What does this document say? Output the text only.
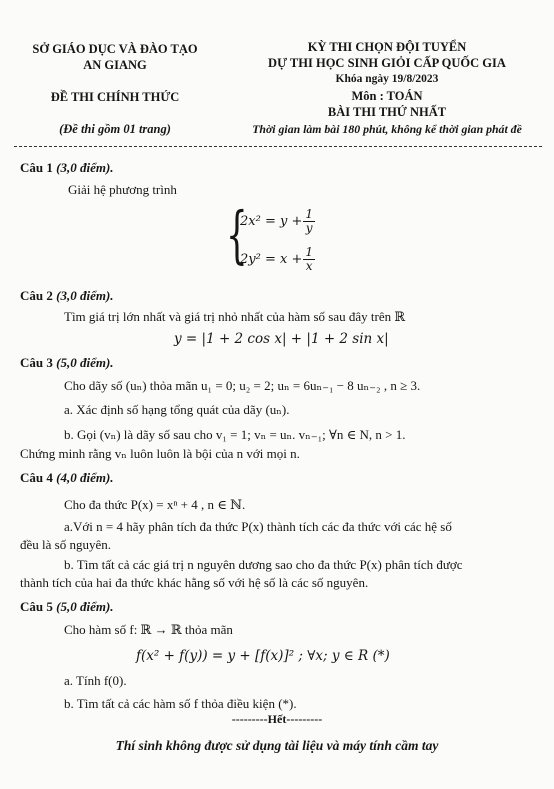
SỞ GIÁO DỤC VÀ ĐÀO TẠO
AN GIANG
ĐỀ THI CHÍNH THỨC
(Đề thi gồm 01 trang)
KỲ THI CHỌN ĐỘI TUYỂN
DỰ THI HỌC SINH GIỎI CẤP QUỐC GIA
Khóa ngày 19/8/2023
Môn : TOÁN
BÀI THI THỨ NHẤT
Thời gian làm bài 180 phút, không kể thời gian phát đề
Câu 1 (3,0 điểm).
Giải hệ phương trình
{
$2x^2 = y + \frac{1}{y}$
$2y^2 = x + \frac{1}{x}$
Câu 2 (3,0 điểm).
Tìm giá trị lớn nhất và giá trị nhỏ nhất của hàm số sau đây trên ℝ
y = |1 + 2 cos x| + |1 + 2 sin x|
Câu 3 (5,0 điểm).
Cho dãy số (uₙ) thỏa mãn u₁ = 0; u₂ = 2; uₙ = 6uₙ₋₁ − 8 uₙ₋₂ , n ≥ 3.
a. Xác định số hạng tổng quát của dãy (uₙ).
b. Gọi (vₙ) là dãy số sau cho v₁ = 1; vₙ = uₙ. vₙ₋₁; ∀n ∈ N, n > 1.
Chứng minh rằng vₙ luôn luôn là bội của n với mọi n.
Câu 4 (4,0 điểm).
Cho đa thức P(x) = xⁿ + 4 , n ∈ ℕ.
a.Với n = 4 hãy phân tích đa thức P(x) thành tích các đa thức với các hệ số
đều là số nguyên.
b. Tìm tất cả các giá trị n nguyên dương sao cho đa thức P(x) phân tích được
thành tích của hai đa thức khác hằng số với hệ số là các số nguyên.
Câu 5 (5,0 điểm).
Cho hàm số f: ℝ → ℝ thỏa mãn
f(x² + f(y)) = y + [f(x)]² ; ∀x; y ∈ R (*)
a. Tính f(0).
b. Tìm tất cả các hàm số f thỏa điều kiện (*).
---------Hết---------
Thí sinh không được sử dụng tài liệu và máy tính cầm tay
